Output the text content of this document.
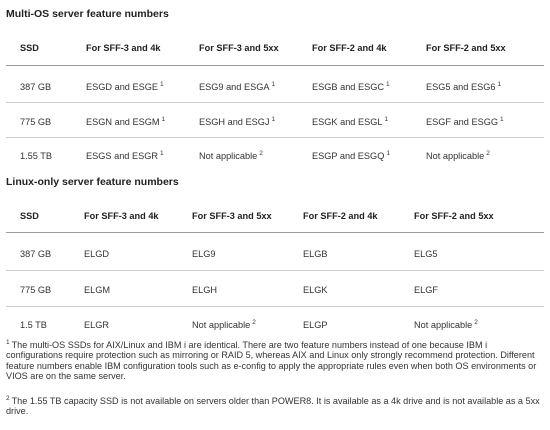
Multi-OS server feature numbers
SSD	For SFF-3 and 4k	For SFF-3 and 5xx	For SFF-2 and 4k	For SFF-2 and 5xx
387 GB	ESGD and ESGE $^1$	ESG9 and ESGA $^1$	ESGB and ESGC $^1$	ESG5 and ESG6 $^1$
775 GB	ESGN and ESGM $^1$	ESGH and ESGJ $^1$	ESGK and ESGL $^1$	ESGF and ESGG $^1$
1.55 TB	ESGS and ESGR $^1$	Not applicable $^2$	ESGP and ESGQ $^1$	Not applicable $^2$
Linux-only server feature numbers
SSD	For SFF-3 and 4k	For SFF-3 and 5xx	For SFF-2 and 4k	For SFF-2 and 5xx
387 GB	ELGD	ELG9	ELGB	ELG5
775 GB	ELGM	ELGH	ELGK	ELGF
1.5 TB	ELGR	Not applicable $^2$	ELGP	Not applicable $^2$
$^1$ The multi-OS SSDs for AIX/Linux and IBM i are identical. There are two feature numbers instead of one because IBM i configurations require protection such as mirroring or RAID 5, whereas AIX and Linux only strongly recommend protection. Different feature numbers enable IBM configuration tools such as e-config to apply the appropriate rules even when both OS environments or VIOS are on the same server.
$^2$ The 1.55 TB capacity SSD is not available on servers older than POWER8. It is available as a 4k drive and is not available as a 5xx drive.
